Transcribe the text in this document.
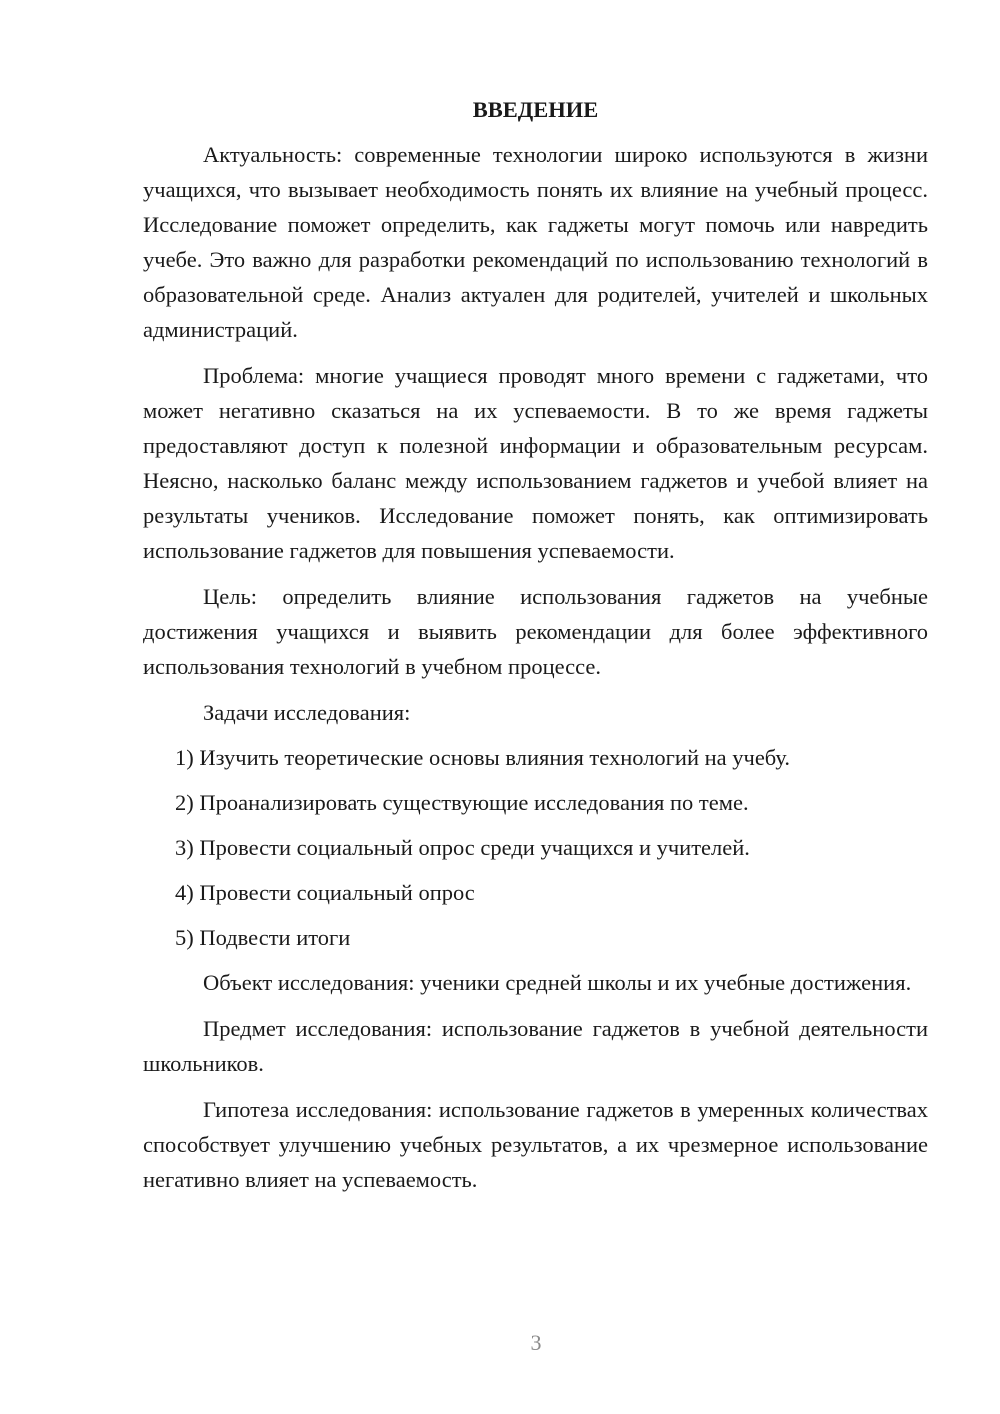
ВВЕДЕНИЕ

Актуальность: современные технологии широко используются в жизни учащихся, что вызывает необходимость понять их влияние на учебный процесс. Исследование поможет определить, как гаджеты могут помочь или навредить учебе. Это важно для разработки рекомендаций по использованию технологий в образовательной среде. Анализ актуален для родителей, учителей и школьных администраций.

Проблема: многие учащиеся проводят много времени с гаджетами, что может негативно сказаться на их успеваемости. В то же время гаджеты предоставляют доступ к полезной информации и образовательным ресурсам. Неясно, насколько баланс между использованием гаджетов и учебой влияет на результаты учеников. Исследование поможет понять, как оптимизировать использование гаджетов для повышения успеваемости.

Цель: определить влияние использования гаджетов на учебные достижения учащихся и выявить рекомендации для более эффективного использования технологий в учебном процессе.

Задачи исследования:

1) Изучить теоретические основы влияния технологий на учебу.
2) Проанализировать существующие исследования по теме.
3) Провести социальный опрос среди учащихся и учителей.
4) Провести социальный опрос
5) Подвести итоги

Объект исследования: ученики средней школы и их учебные достижения.

Предмет исследования: использование гаджетов в учебной деятельности школьников.

Гипотеза исследования: использование гаджетов в умеренных количествах способствует улучшению учебных результатов, а их чрезмерное использование негативно влияет на успеваемость.

3
